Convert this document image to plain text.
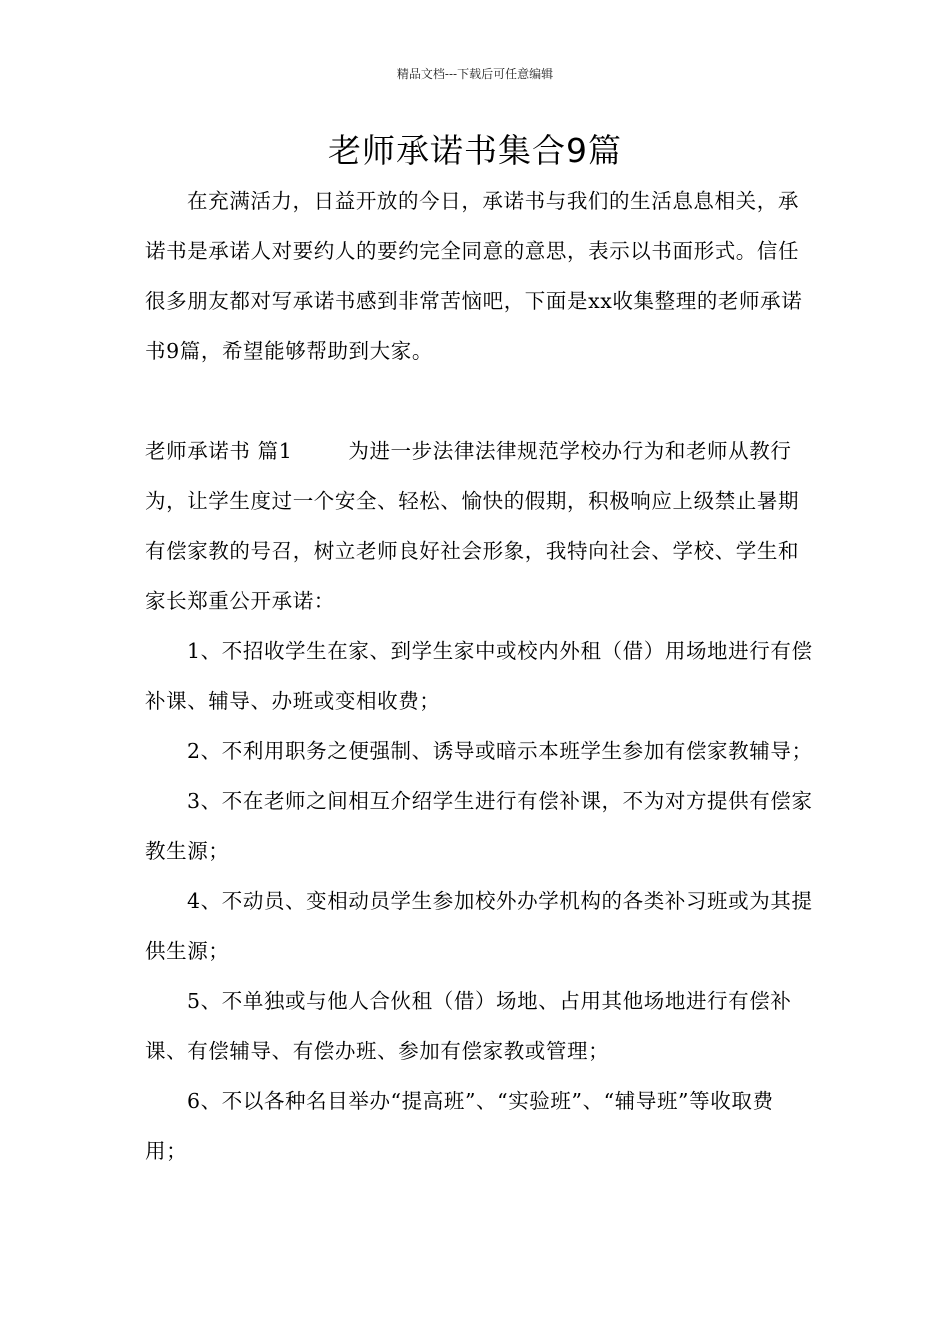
精品文档---下载后可任意编辑
老师承诺书集合9篇

在充满活力，日益开放的今日，承诺书与我们的生活息息相关，承诺书是承诺人对要约人的要约完全同意的意思，表示以书面形式。信任很多朋友都对写承诺书感到非常苦恼吧，下面是xx收集整理的老师承诺书9篇，希望能够帮助到大家。

老师承诺书 篇1	为进一步法律法律规范学校办行为和老师从教行为，让学生度过一个安全、轻松、愉快的假期，积极响应上级禁止暑期有偿家教的号召，树立老师良好社会形象，我特向社会、学校、学生和家长郑重公开承诺：

1、不招收学生在家、到学生家中或校内外租（借）用场地进行有偿补课、辅导、办班或变相收费；

2、不利用职务之便强制、诱导或暗示本班学生参加有偿家教辅导；

3、不在老师之间相互介绍学生进行有偿补课，不为对方提供有偿家教生源；

4、不动员、变相动员学生参加校外办学机构的各类补习班或为其提供生源；

5、不单独或与他人合伙租（借）场地、占用其他场地进行有偿补课、有偿辅导、有偿办班、参加有偿家教或管理；

6、不以各种名目举办“提高班”、“实验班”、“辅导班”等收取费用；
